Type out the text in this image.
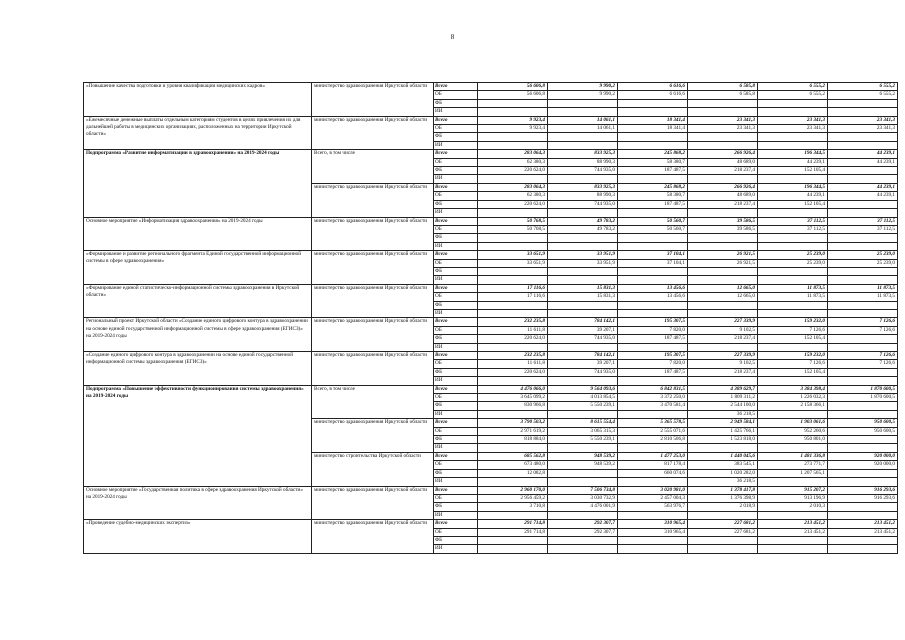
8
«Повышение качества подготовки и уровня квалификации медицинских кадров»	министерство здравоохранения Иркутской области	Всего	56 606,8	9 990,2	6 616,6	6 585,8	6 555,2	6 555,2
		ОБ	56 606,8	9 990,2	6 616,6	6 585,8	6 555,2	6 555,2
		ФБ						
		ИИ						
«Ежемесячные денежные выплаты отдельным категориям студентов в целях привлечения их для дальнейшей работы в медицинских организациях, расположенных на территории Иркутской области»	министерство здравоохранения Иркутской области	Всего	9 923,4	14 061,1	18 341,4	23 341,3	23 341,3	23 341,3
		ОБ	9 923,4	14 061,1	18 341,4	23 341,3	23 341,3	23 341,3
		ФБ						
		ИИ						
Подпрограмма «Развитие информатизации в здравоохранении» на 2019-2024 годы	Всего, в том числе	Всего	283 064,3	833 925,3	245 868,2	266 926,4	196 344,5	44 239,1
		ОБ	62 380,3	88 990,3	58 380,7	48 689,0	44 239,1	44 239,1
		ФБ	220 624,0	744 935,0	187 487,5	218 237,4	152 105,4	
		ИИ						
	министерство здравоохранения Иркутской области	Всего	283 064,3	833 925,3	245 868,2	266 926,4	196 344,5	44 239,1
		ОБ	62 380,3	88 990,3	58 380,7	48 689,0	44 239,1	44 239,1
		ФБ	220 624,0	744 935,0	187 487,5	218 237,4	152 105,4	
		ИИ						
Основное мероприятие «Информатизация здравоохранения» на 2019-2024 годы	министерство здравоохранения Иркутской области	Всего	50 768,5	49 783,2	50 560,7	39 586,5	37 112,5	37 112,5
		ОБ	50 768,5	49 783,2	50 560,7	39 586,5	37 112,5	37 112,5
		ФБ						
		ИИ						
«Формирование и развитие регионального фрагмента Единой государственной информационной системы в сфере здравоохранения»	министерство здравоохранения Иркутской области	Всего	33 651,9	33 951,9	37 104,1	26 921,5	25 239,0	25 239,0
		ОБ	33 651,9	33 951,9	37 104,1	26 921,5	25 239,0	25 239,0
		ФБ						
		ИИ						
«Формирование единой статистическо-информационной системы здравоохранения в Иркутской области»	министерство здравоохранения Иркутской области	Всего	17 116,6	15 831,3	13 456,6	12 665,0	11 873,5	11 873,5
		ОБ	17 116,6	15 831,3	13 456,6	12 665,0	11 873,5	11 873,5
		ФБ						
		ИИ						
Региональный проект Иркутской области «Создание единого цифрового контура в здравоохранении на основе единой государственной информационной системы в сфере здравоохранения (ЕГИСЗ)» на 2019-2024 годы	министерство здравоохранения Иркутской области	Всего	232 235,8	784 142,1	195 307,5	227 339,9	159 232,0	7 126,6
		ОБ	11 611,8	39 207,1	7 820,0	9 102,5	7 126,6	7 126,6
		ФБ	220 624,0	744 935,0	187 487,5	218 237,4	152 105,4	
		ИИ						
«Создание единого цифрового контура в здравоохранении на основе единой государственной информационной системы здравоохранения (ЕГИСЗ)»	министерство здравоохранения Иркутской области	Всего	232 235,8	784 142,1	195 307,5	227 339,9	159 232,0	7 126,6
		ОБ	11 611,8	39 207,1	7 820,0	9 102,5	7 126,6	7 126,6
		ФБ	220 624,0	744 935,0	187 487,5	218 237,4	152 105,4	
		ИИ						
Подпрограмма «Повышение эффективности функционирования системы здравоохранения» на 2019-2024 годы	Всего, в том числе	Всего	4 476 066,0	9 564 093,6	6 842 831,5	4 389 629,7	3 384 398,4	1 870 600,5
		ОБ	3 645 099,2	4 013 854,5	3 372 250,0	1 809 311,2	1 226 032,3	1 870 600,5
		ФБ	830 966,8	5 550 239,1	3 470 581,4	2 544 100,0	2 158 366,1	
		ИИ				36 218,5		
	министерство здравоохранения Иркутской области	Всего	3 790 503,2	8 615 554,4	5 365 578,5	2 949 584,1	1 903 061,6	950 600,5
		ОБ	2 971 619,2	3 065 315,3	2 555 071,6	1 425 766,1	952 260,6	950 600,5
		ФБ	818 884,0	5 550 239,1	2 810 506,8	1 523 818,0	950 801,0	
		ИИ						
	министерство строительства Иркутской области	Всего	685 562,8	948 539,2	1 477 253,0	1 440 045,6	1 481 336,8	920 000,0
		ОБ	673 480,0	948 539,2	817 178,4	383 545,1	273 771,7	920 000,0
		ФБ	12 082,8		660 074,6	1 020 282,0	1 207 565,1	
		ИИ				36 218,5		
Основное мероприятие «Государственная политика в сфере здравоохранения Иркутской области» на 2019-2024 годы	министерство здравоохранения Иркутской области	Всего	2 960 170,0	7 506 734,8	3 020 981,0	1 378 417,8	915 207,2	916 293,6
		ОБ	2 956 459,2	3 030 732,9	2 457 004,3	1 376 398,9	913 196,9	916 293,6
		ФБ	3 710,8	4 476 001,9	563 976,7	2 018,9	2 010,3	
		ИИ						
«Проведение судебно-медицинских экспертиз»	министерство здравоохранения Иркутской области	Всего	291 714,8	292 307,7	310 965,4	227 681,2	213 451,2	213 451,2
		ОБ	291 714,8	292 307,7	310 965,4	227 681,2	213 451,2	213 451,2
		ФБ						
		ИИ						
